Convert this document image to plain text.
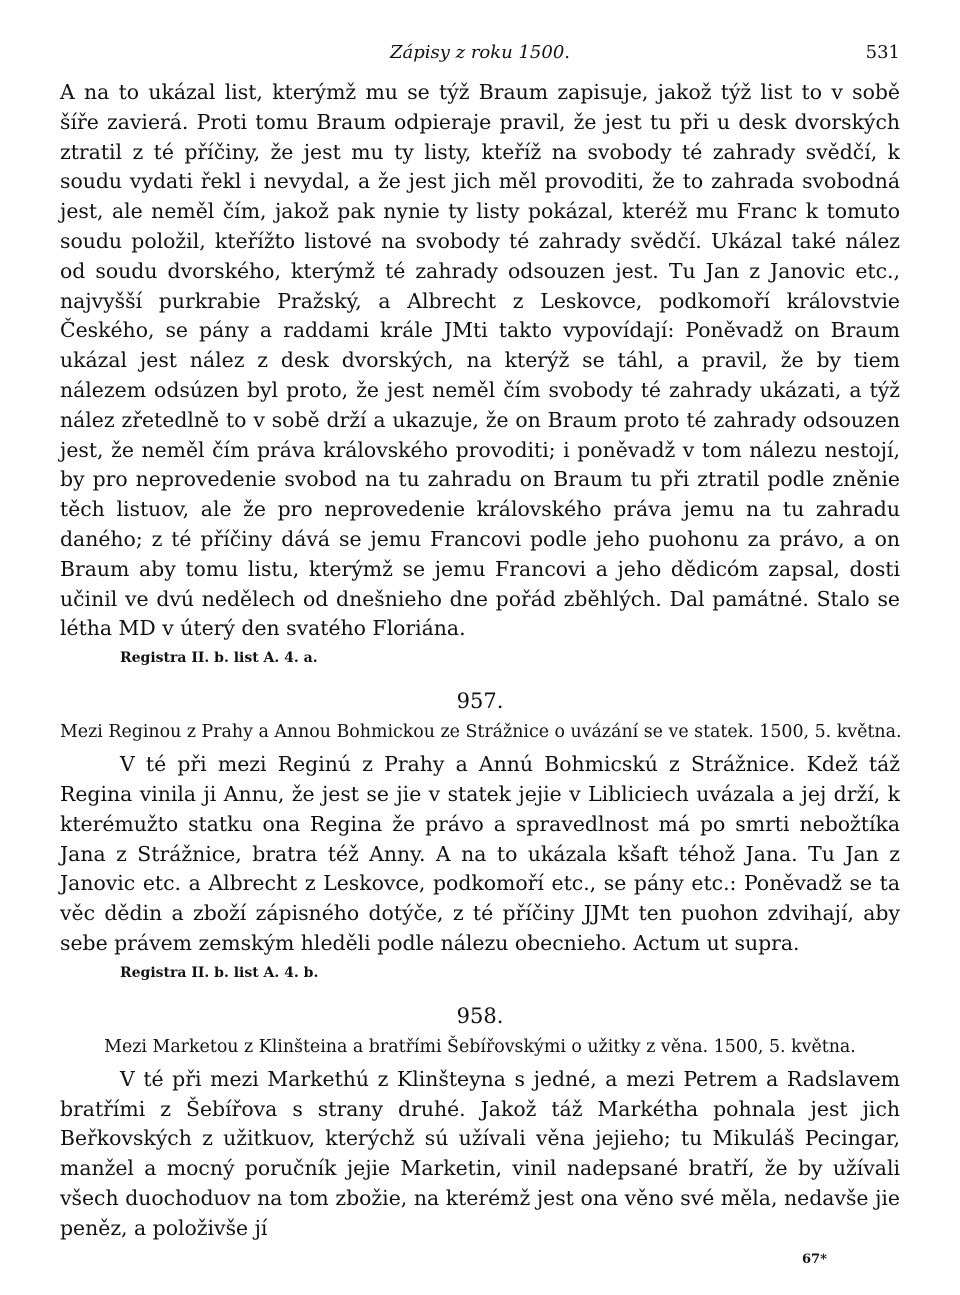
Zápisy z roku 1500.	531

A na to ukázal list, kterýmž mu se týž Braum zapisuje, jakož týž list to v sobě šíře zavierá. Proti tomu Braum odpieraje pravil, že jest tu při u desk dvorských ztratil z té příčiny, že jest mu ty listy, kteříž na svobody té zahrady svědčí, k soudu vydati řekl i nevydal, a že jest jich měl provoditi, že to zahrada svobodná jest, ale neměl čím, jakož pak nynie ty listy pokázal, kteréž mu Franc k tomuto soudu položil, kteřížto listové na svobody té zahrady svědčí. Ukázal také nález od soudu dvorského, kterýmž té zahrady odsouzen jest. Tu Jan z Janovic etc., najvyšší purkrabie Pražský, a Albrecht z Leskovce, podkomoří královstvie Českého, se pány a raddami krále JMti takto vypovídají: Poněvadž on Braum ukázal jest nález z desk dvorských, na kterýž se táhl, a pravil, že by tiem nálezem odsúzen byl proto, že jest neměl čím svobody té zahrady ukázati, a týž nález zřetedlně to v sobě drží a ukazuje, že on Braum proto té zahrady odsouzen jest, že neměl čím práva královského provoditi; i poněvadž v tom nálezu nestojí, by pro neprovedenie svobod na tu zahradu on Braum tu při ztratil podle zněnie těch listuov, ale že pro neprovedenie královského práva jemu na tu zahradu daného; z té příčiny dává se jemu Francovi podle jeho puohonu za právo, a on Braum aby tomu listu, kterýmž se jemu Francovi a jeho dědicóm zapsal, dosti učinil ve dvú nedělech od dnešnieho dne pořád zběhlých. Dal památné. Stalo se létha MD v úterý den svatého Floriána.

Registra II. b. list A. 4. a.
957.
Mezi Reginou z Prahy a Annou Bohmickou ze Strážnice o uvázání se ve statek. 1500, 5. května.

V té při mezi Reginú z Prahy a Annú Bohmicskú z Strážnice. Kdež táž Regina vinila ji Annu, že jest se jie v statek jejie v Libliciech uvázala a jej drží, k kterémužto statku ona Regina že právo a spravedlnost má po smrti nebožtíka Jana z Strážnice, bratra též Anny. A na to ukázala kšaft téhož Jana. Tu Jan z Janovic etc. a Albrecht z Leskovce, podkomoří etc., se pány etc.: Poněvadž se ta věc dědin a zboží zápisného dotýče, z té příčiny JJMt ten puohon zdvihají, aby sebe právem zemským hleděli podle nálezu obecnieho. Actum ut supra.

Registra II. b. list A. 4. b.
958.
Mezi Marketou z Klinšteina a bratřími Šebířovskými o užitky z věna. 1500, 5. května.

V té při mezi Markethú z Klinšteyna s jedné, a mezi Petrem a Radslavem bratřími z Šebířova s strany druhé. Jakož táž Markétha pohnala jest jich Beřkovských z užitkuov, kterýchž sú užívali věna jejieho; tu Mikuláš Pecingar, manžel a mocný poručník jejie Marketin, vinil nadepsané bratří, že by užívali všech duochoduov na tom zbožie, na kterémž jest ona věno své měla, nedavše jie peněz, a položivše jí

67*
